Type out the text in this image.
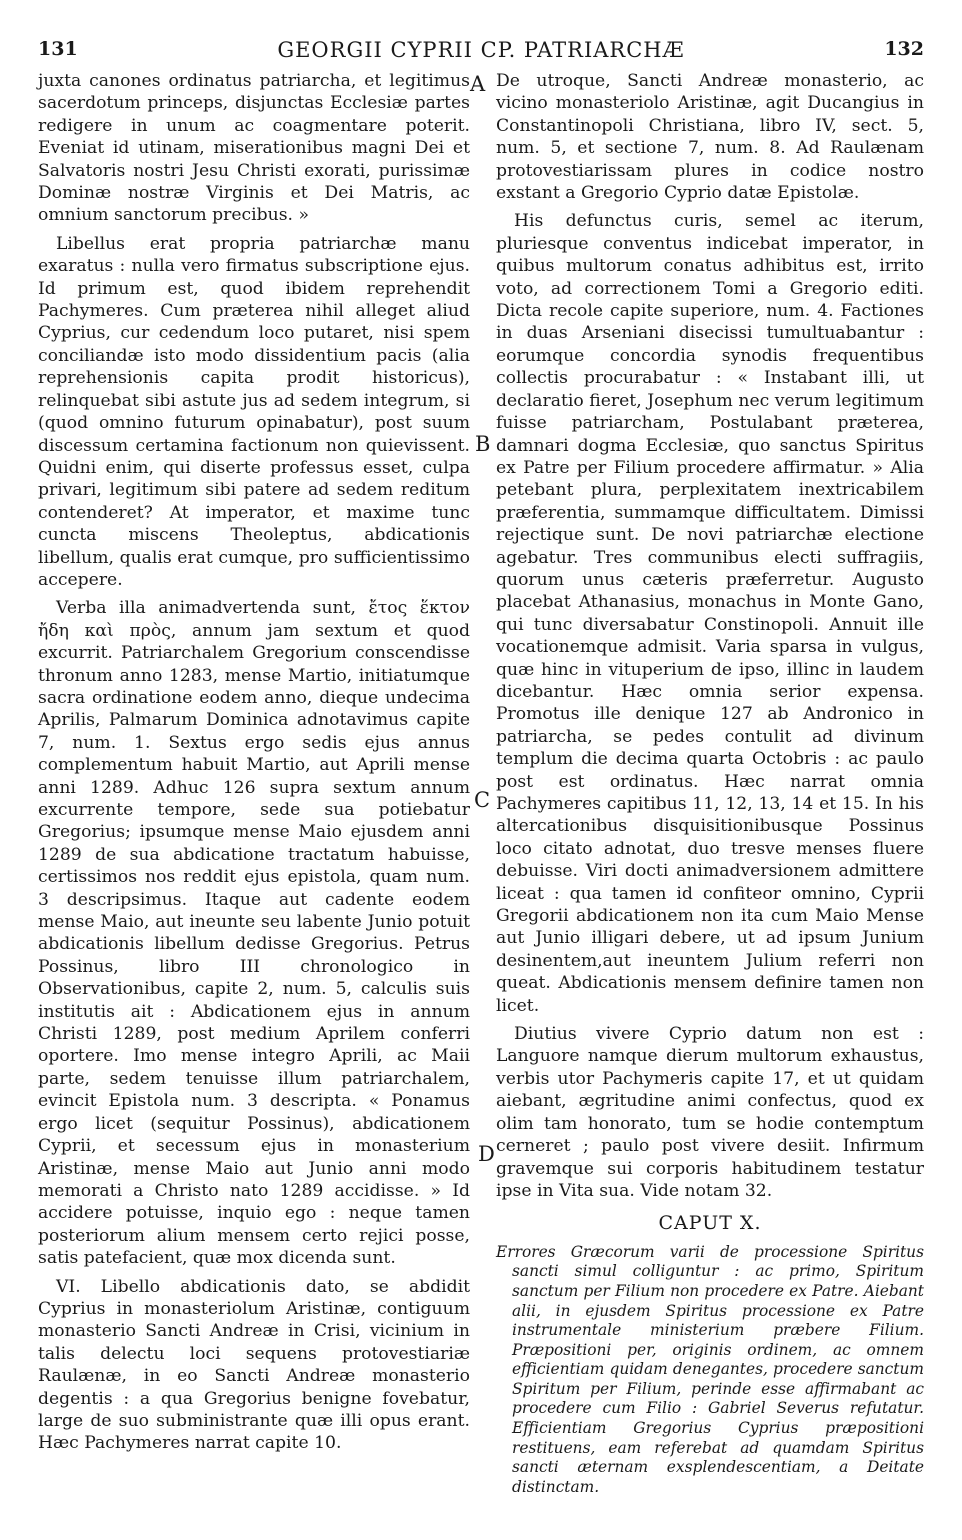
131	GEORGII CYPRII CP. PATRIARCHÆ	132

juxta canones ordinatus patriarcha, et legitimus sacerdotum princeps, disjunctas Ecclesiæ partes redigere in unum ac coagmentare poterit. Eveniat id utinam, miserationibus magni Dei et Salvatoris nostri Jesu Christi exorati, purissimæ Dominæ nostræ Virginis et Dei Matris, ac omnium sanctorum precibus. »

Libellus erat propria patriarchæ manu exaratus : nulla vero firmatus subscriptione ejus. Id primum est, quod ibidem reprehendit Pachymeres. Cum præterea nihil alleget aliud Cyprius, cur cedendum loco putaret, nisi spem conciliandæ isto modo dissidentium pacis (alia reprehensionis capita prodit historicus), relinquebat sibi astute jus ad sedem integrum, si (quod omnino futurum opinabatur), post suum discessum certamina factionum non quievissent. Quidni enim, qui diserte professus esset, culpa privari, legitimum sibi patere ad sedem reditum contenderet? At imperator, et maxime tunc cuncta miscens Theoleptus, abdicationis libellum, qualis erat cumque, pro sufficientissimo accepere.

Verba illa animadvertenda sunt, ἔτος ἕκτον ἤδη καὶ πρὸς, annum jam sextum et quod excurrit. Patriarchalem Gregorium conscendisse thronum anno 1283, mense Martio, initiatumque sacra ordinatione eodem anno, dieque undecima Aprilis, Palmarum Dominica adnotavimus capite 7, num. 1. Sextus ergo sedis ejus annus complementum habuit Martio, aut Aprili mense anni 1289. Adhuc 126 supra sextum annum excurrente tempore, sede sua potiebatur Gregorius; ipsumque mense Maio ejusdem anni 1289 de sua abdicatione tractatum habuisse, certissimos nos reddit ejus epistola, quam num. 3 descripsimus. Itaque aut cadente eodem mense Maio, aut ineunte seu labente Junio potuit abdicationis libellum dedisse Gregorius. Petrus Possinus, libro III chronologico in Observationibus, capite 2, num. 5, calculis suis institutis ait : Abdicationem ejus in annum Christi 1289, post medium Aprilem conferri oportere. Imo mense integro Aprili, ac Maii parte, sedem tenuisse illum patriarchalem, evincit Epistola num. 3 descripta. « Ponamus ergo licet (sequitur Possinus), abdicationem Cyprii, et secessum ejus in monasterium Aristinæ, mense Maio aut Junio anni modo memorati a Christo nato 1289 accidisse. » Id accidere potuisse, inquio ego : neque tamen posteriorum alium mensem certo rejici posse, satis patefacient, quæ mox dicenda sunt.

VI. Libello abdicationis dato, se abdidit Cyprius in monasteriolum Aristinæ, contiguum monasterio Sancti Andreæ in Crisi, vicinium in talis delectu loci sequens protovestiariæ Raulænæ, in eo Sancti Andreæ monasterio degentis : a qua Gregorius benigne fovebatur, large de suo subministrante quæ illi opus erant. Hæc Pachymeres narrat capite 10.

A
B
C
D

De utroque, Sancti Andreæ monasterio, ac vicino monasteriolo Aristinæ, agit Ducangius in Constantinopoli Christiana, libro IV, sect. 5, num. 5, et sectione 7, num. 8. Ad Raulænam protovestiarissam plures in codice nostro exstant a Gregorio Cyprio datæ Epistolæ.

His defunctus curis, semel ac iterum, pluriesque conventus indicebat imperator, in quibus multorum conatus adhibitus est, irrito voto, ad correctionem Tomi a Gregorio editi. Dicta recole capite superiore, num. 4. Factiones in duas Arseniani disecissi tumultuabantur : eorumque concordia synodis frequentibus collectis procurabatur : « Instabant illi, ut declaratio fieret, Josephum nec verum legitimum fuisse patriarcham, Postulabant præterea, damnari dogma Ecclesiæ, quo sanctus Spiritus ex Patre per Filium procedere affirmatur. » Alia petebant plura, perplexitatem inextricabilem præferentia, summamque difficultatem. Dimissi rejectique sunt. De novi patriarchæ electione agebatur. Tres communibus electi suffragiis, quorum unus cæteris præferretur. Augusto placebat Athanasius, monachus in Monte Gano, qui tunc diversabatur Constinopoli. Annuit ille vocationemque admisit. Varia sparsa in vulgus, quæ hinc in vituperium de ipso, illinc in laudem dicebantur. Hæc omnia serior expensa. Promotus ille denique 127 ab Andronico in patriarcha, se pedes contulit ad divinum templum die decima quarta Octobris : ac paulo post est ordinatus. Hæc narrat omnia Pachymeres capitibus 11, 12, 13, 14 et 15. In his altercationibus disquisitionibusque Possinus loco citato adnotat, duo tresve menses fluere debuisse. Viri docti animadversionem admittere liceat : qua tamen id confiteor omnino, Cyprii Gregorii abdicationem non ita cum Maio Mense aut Junio illigari debere, ut ad ipsum Junium desinentem,aut ineuntem Julium referri non queat. Abdicationis mensem definire tamen non licet.

Diutius vivere Cyprio datum non est : Languore namque dierum multorum exhaustus, verbis utor Pachymeris capite 17, et ut quidam aiebant, ægritudine animi confectus, quod ex olim tam honorato, tum se hodie contemptum cerneret ; paulo post vivere desiit. Infirmum gravemque sui corporis habitudinem testatur ipse in Vita sua. Vide notam 32.

CAPUT X.
Errores Græcorum varii de processione Spiritus sancti simul colliguntur : ac primo, Spiritum sanctum per Filium non procedere ex Patre. Aiebant alii, in ejusdem Spiritus processione ex Patre instrumentale ministerium præbere Filium. Præpositioni per, originis ordinem, ac omnem efficientiam quidam denegantes, procedere sanctum Spiritum per Filium, perinde esse affirmabant ac procedere cum Filio : Gabriel Severus refutatur. Efficientiam Gregorius Cyprius præpositioni restituens, eam referebat ad quamdam Spiritus sancti æternam exsplendescentiam, a Deitate distinctam.
